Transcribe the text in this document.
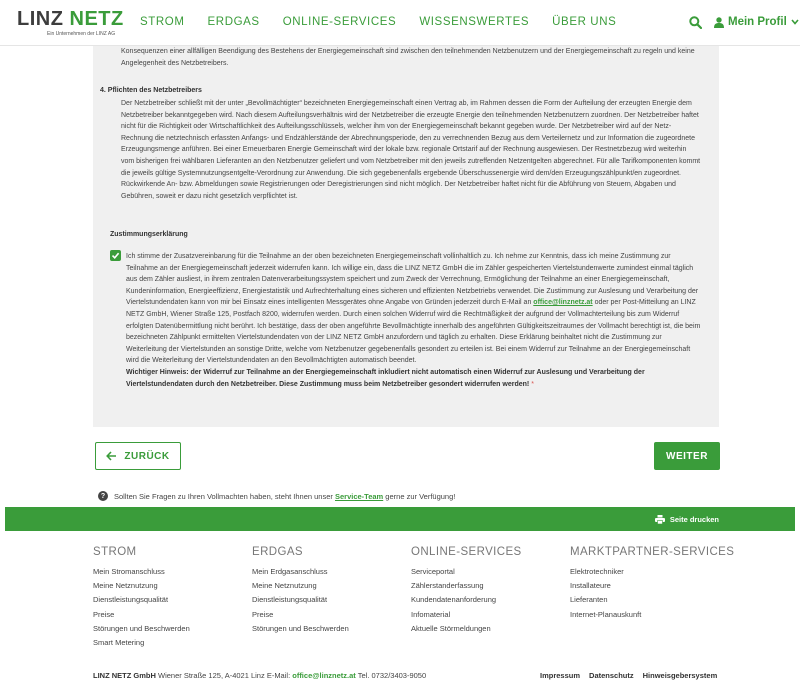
LINZ NETZ
Ein Unternehmen der LINZ AG
STROM ERDGAS ONLINE-SERVICES WISSENSWERTES ÜBER UNS	Mein Profil
Konsequenzen einer allfälligen Beendigung des Bestehens der Energiegemeinschaft sind zwischen den teilnehmenden Netzbenutzern und der Energiegemeinschaft zu regeln und keine Angelegenheit des Netzbetreibers.
4. Pflichten des Netzbetreibers
Der Netzbetreiber schließt mit der unter „Bevollmächtigter“ bezeichneten Energiegemeinschaft einen Vertrag ab, im Rahmen dessen die Form der Aufteilung der erzeugten Energie dem Netzbetreiber bekanntgegeben wird. Nach diesem Aufteilungsverhältnis wird der Netzbetreiber die erzeugte Energie den teilnehmenden Netzbenutzern zuordnen. Der Netzbetreiber haftet nicht für die Richtigkeit oder Wirtschaftlichkeit des Aufteilungsschlüssels, welcher ihm von der Energiegemeinschaft bekannt gegeben wurde. Der Netzbetreiber wird auf der Netz-Rechnung die netztechnisch erfassten Anfangs- und Endzählerstände der Abrechnungsperiode, den zu verrechnenden Bezug aus dem Verteilernetz und zur Information die zugeordnete Erzeugungsmenge anführen. Bei einer Erneuerbaren Energie Gemeinschaft wird der lokale bzw. regionale Ortstarif auf der Rechnung ausgewiesen. Der Restnetzbezug wird weiterhin vom bisherigen frei wählbaren Lieferanten an den Netzbenutzer geliefert und vom Netzbetreiber mit den jeweils zutreffenden Netzentgelten abgerechnet. Für alle Tarifkomponenten kommt die jeweils gültige Systemnutzungsentgelte-Verordnung zur Anwendung. Die sich gegebenenfalls ergebende Überschussenergie wird dem/den Erzeugungszählpunkt/en zugeordnet. Rückwirkende An- bzw. Abmeldungen sowie Registrierungen oder Deregistrierungen sind nicht möglich. Der Netzbetreiber haftet nicht für die Abführung von Steuern, Abgaben und Gebühren, soweit er dazu nicht gesetzlich verpflichtet ist.
Zustimmungserklärung
Ich stimme der Zusatzvereinbarung für die Teilnahme an der oben bezeichneten Energiegemeinschaft vollinhaltlich zu. Ich nehme zur Kenntnis, dass ich meine Zustimmung zur Teilnahme an der Energiegemeinschaft jederzeit widerrufen kann. Ich willige ein, dass die LINZ NETZ GmbH die im Zähler gespeicherten Viertelstundenwerte zumindest einmal täglich aus dem Zähler ausliest, in ihrem zentralen Datenverarbeitungssystem speichert und zum Zweck der Verrechnung, Ermöglichung der Teilnahme an einer Energiegemeinschaft, Kundeninformation, Energieeffizienz, Energiestatistik und Aufrechterhaltung eines sicheren und effizienten Netzbetriebs verwendet. Die Zustimmung zur Auslesung und Verarbeitung der Viertelstundendaten kann von mir bei Einsatz eines intelligenten Messgerätes ohne Angabe von Gründen jederzeit durch E-Mail an office@linznetz.at oder per Post-Mitteilung an LINZ NETZ GmbH, Wiener Straße 125, Postfach 8200, widerrufen werden. Durch einen solchen Widerruf wird die Rechtmäßigkeit der aufgrund der Vollmachterteilung bis zum Widerruf erfolgten Datenübermittlung nicht berührt. Ich bestätige, dass der oben angeführte Bevollmächtigte innerhalb des angeführten Gültigkeitszeitraumes der Vollmacht berechtigt ist, die beim bezeichneten Zählpunkt ermittelten Viertelstundendaten von der LINZ NETZ GmbH anzufordern und täglich zu erhalten. Diese Erklärung beinhaltet nicht die Zustimmung zur Weiterleitung der Viertelstunden an sonstige Dritte, welche vom Netzbenutzer gegebenenfalls gesondert zu erteilen ist. Bei einem Widerruf zur Teilnahme an der Energiegemeinschaft wird die Weiterleitung der Viertelstundendaten an den Bevollmächtigten automatisch beendet.
Wichtiger Hinweis: der Widerruf zur Teilnahme an der Energiegemeinschaft inkludiert nicht automatisch einen Widerruf zur Auslesung und Verarbeitung der Viertelstundendaten durch den Netzbetreiber. Diese Zustimmung muss beim Netzbetreiber gesondert widerrufen werden! *
ZURÜCK	WEITER
?	Sollten Sie Fragen zu Ihren Vollmachten haben, steht Ihnen unser Service-Team gerne zur Verfügung!
Seite drucken
STROM
Mein Stromanschluss
Meine Netznutzung
Dienstleistungsqualität
Preise
Störungen und Beschwerden
Smart Metering
ERDGAS
Mein Erdgasanschluss
Meine Netznutzung
Dienstleistungsqualität
Preise
Störungen und Beschwerden
ONLINE-SERVICES
Serviceportal
Zählerstanderfassung
Kundendatenanforderung
Infomaterial
Aktuelle Störmeldungen
MARKTPARTNER-SERVICES
Elektrotechniker
Installateure
Lieferanten
Internet-Planauskunft
LINZ NETZ GmbH Wiener Straße 125, A-4021 Linz E-Mail: office@linznetz.at Tel. 0732/3403-9050	Impressum Datenschutz Hinweisgebersystem
